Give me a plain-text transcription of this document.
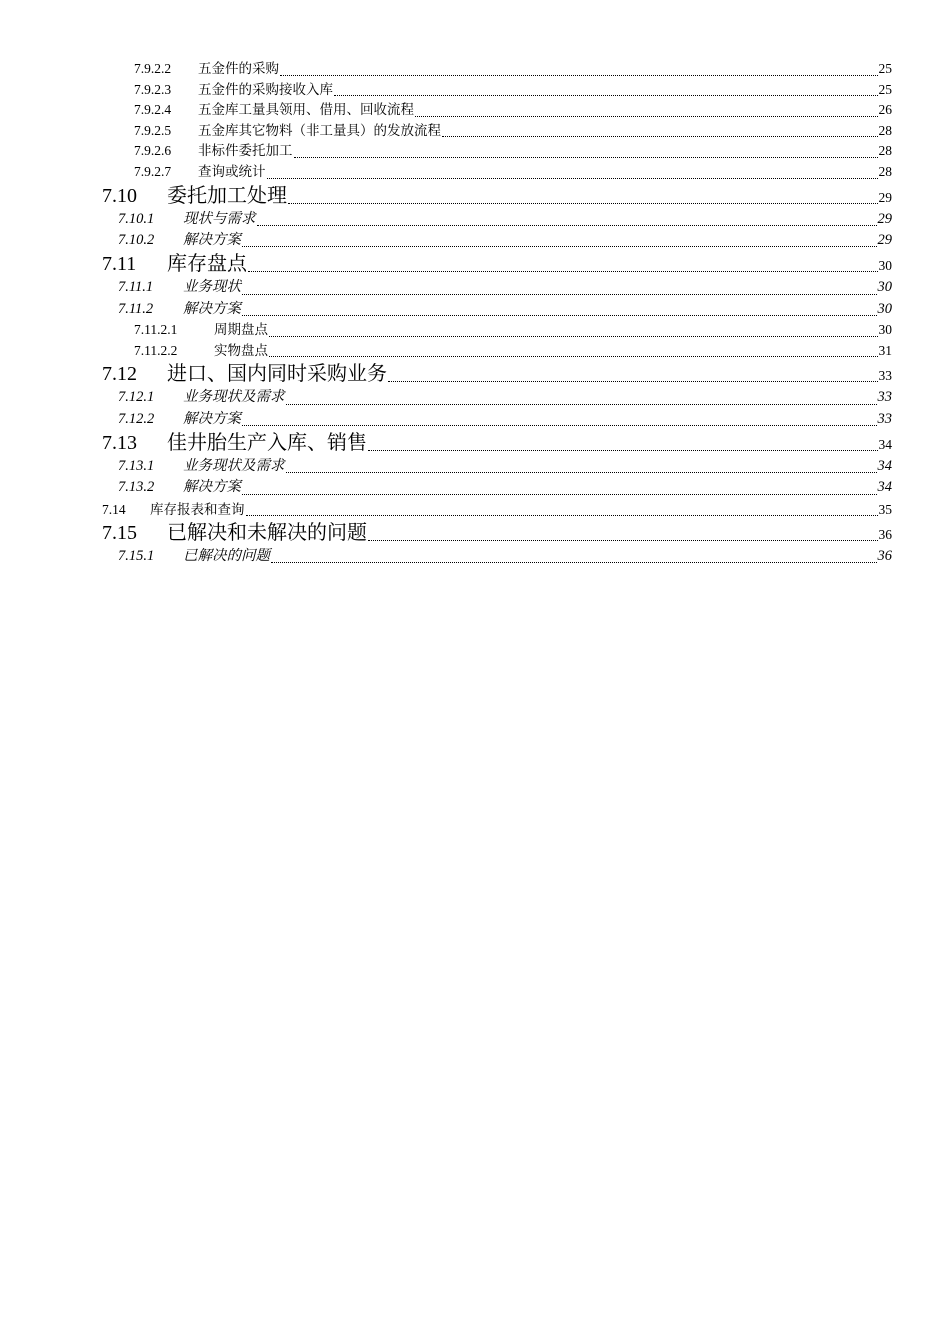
7.9.2.2	五金件的采购	25
7.9.2.3	五金件的采购接收入库	25
7.9.2.4	五金库工量具领用、借用、回收流程	26
7.9.2.5	五金库其它物料（非工量具）的发放流程	28
7.9.2.6	非标件委托加工	28
7.9.2.7	查询或统计	28
7.10	委托加工处理	29
7.10.1	现状与需求	29
7.10.2	解决方案	29
7.11	库存盘点	30
7.11.1	业务现状	30
7.11.2	解决方案	30
7.11.2.1	周期盘点	30
7.11.2.2	实物盘点	31
7.12	进口、国内同时采购业务	33
7.12.1	业务现状及需求	33
7.12.2	解决方案	33
7.13	佳井胎生产入库、销售	34
7.13.1	业务现状及需求	34
7.13.2	解决方案	34
7.14	库存报表和查询	35
7.15	已解决和未解决的问题	36
7.15.1	已解决的问题	36
